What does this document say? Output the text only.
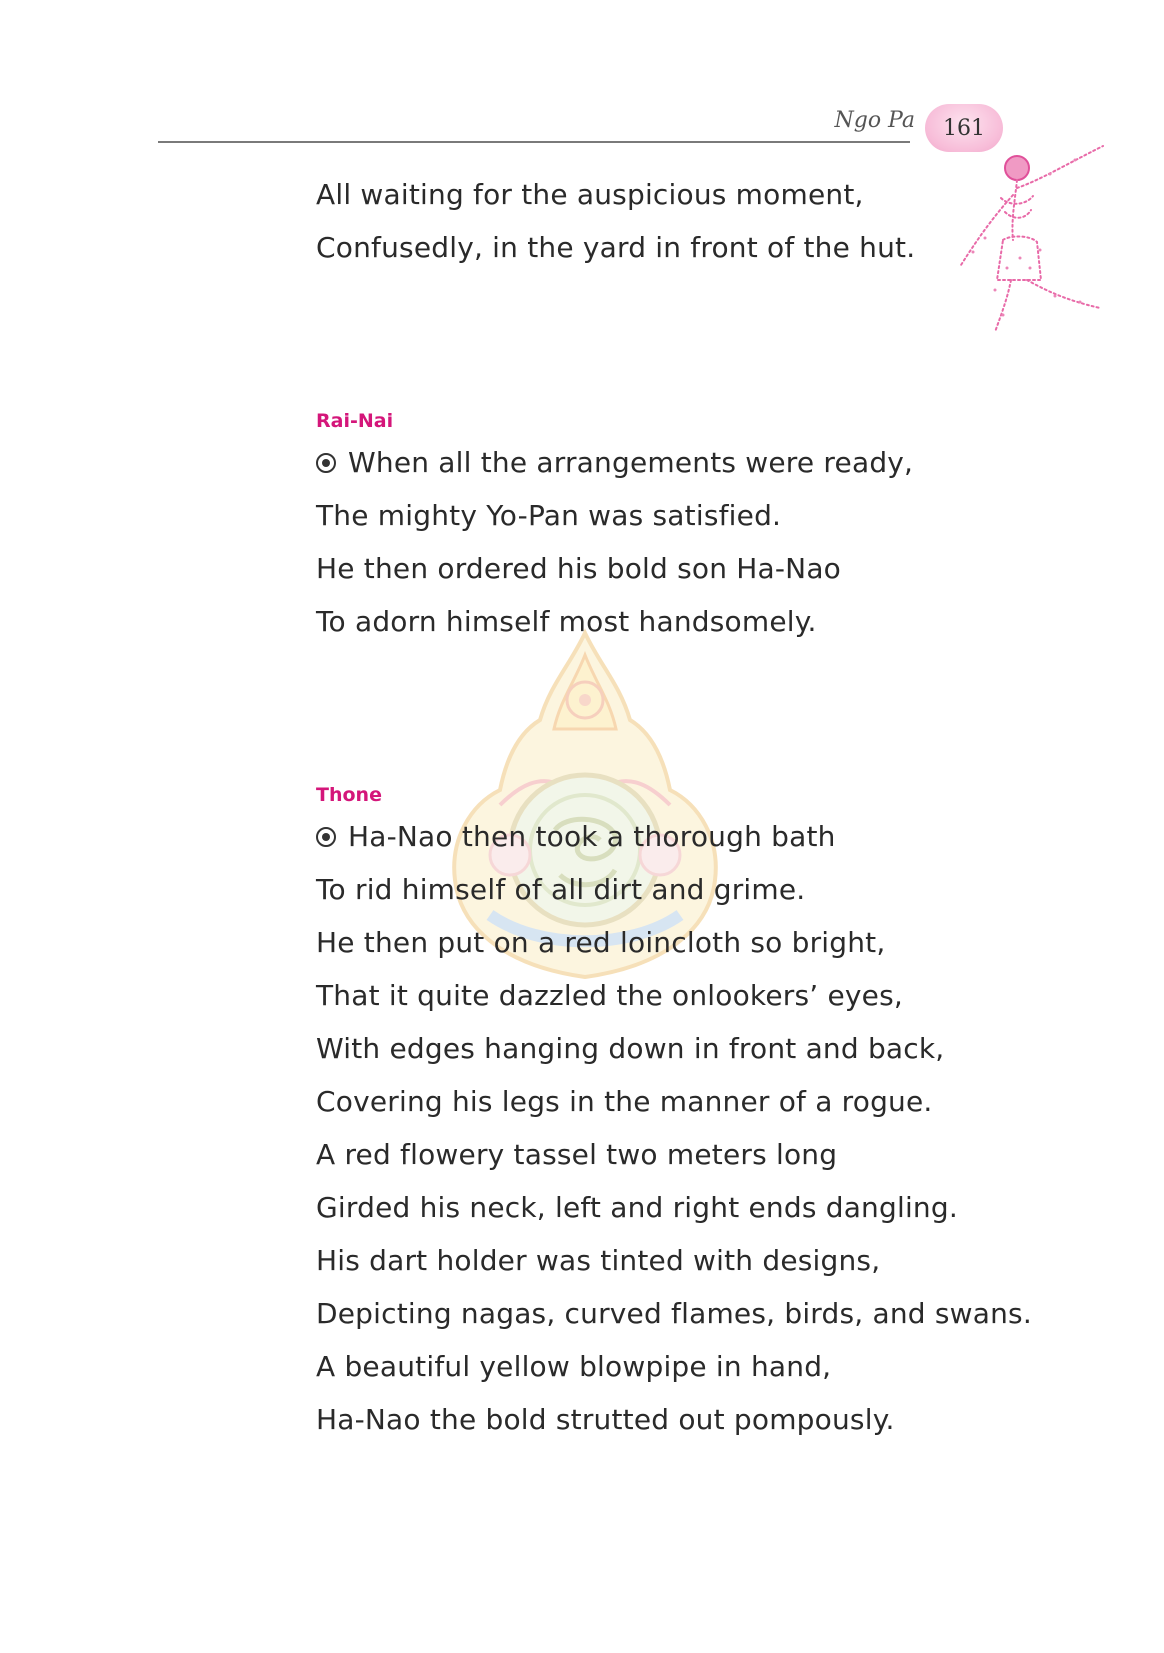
Ngo Pa 161
All waiting for the auspicious moment,
Confusedly, in the yard in front of the hut.
Rai-Nai
When all the arrangements were ready,
The mighty Yo-Pan was satisfied.
He then ordered his bold son Ha-Nao
To adorn himself most handsomely.
Thone
Ha-Nao then took a thorough bath
To rid himself of all dirt and grime.
He then put on a red loincloth so bright,
That it quite dazzled the onlookers’ eyes,
With edges hanging down in front and back,
Covering his legs in the manner of a rogue.
A red flowery tassel two meters long
Girded his neck, left and right ends dangling.
His dart holder was tinted with designs,
Depicting nagas, curved flames, birds, and swans.
A beautiful yellow blowpipe in hand,
Ha-Nao the bold strutted out pompously.
